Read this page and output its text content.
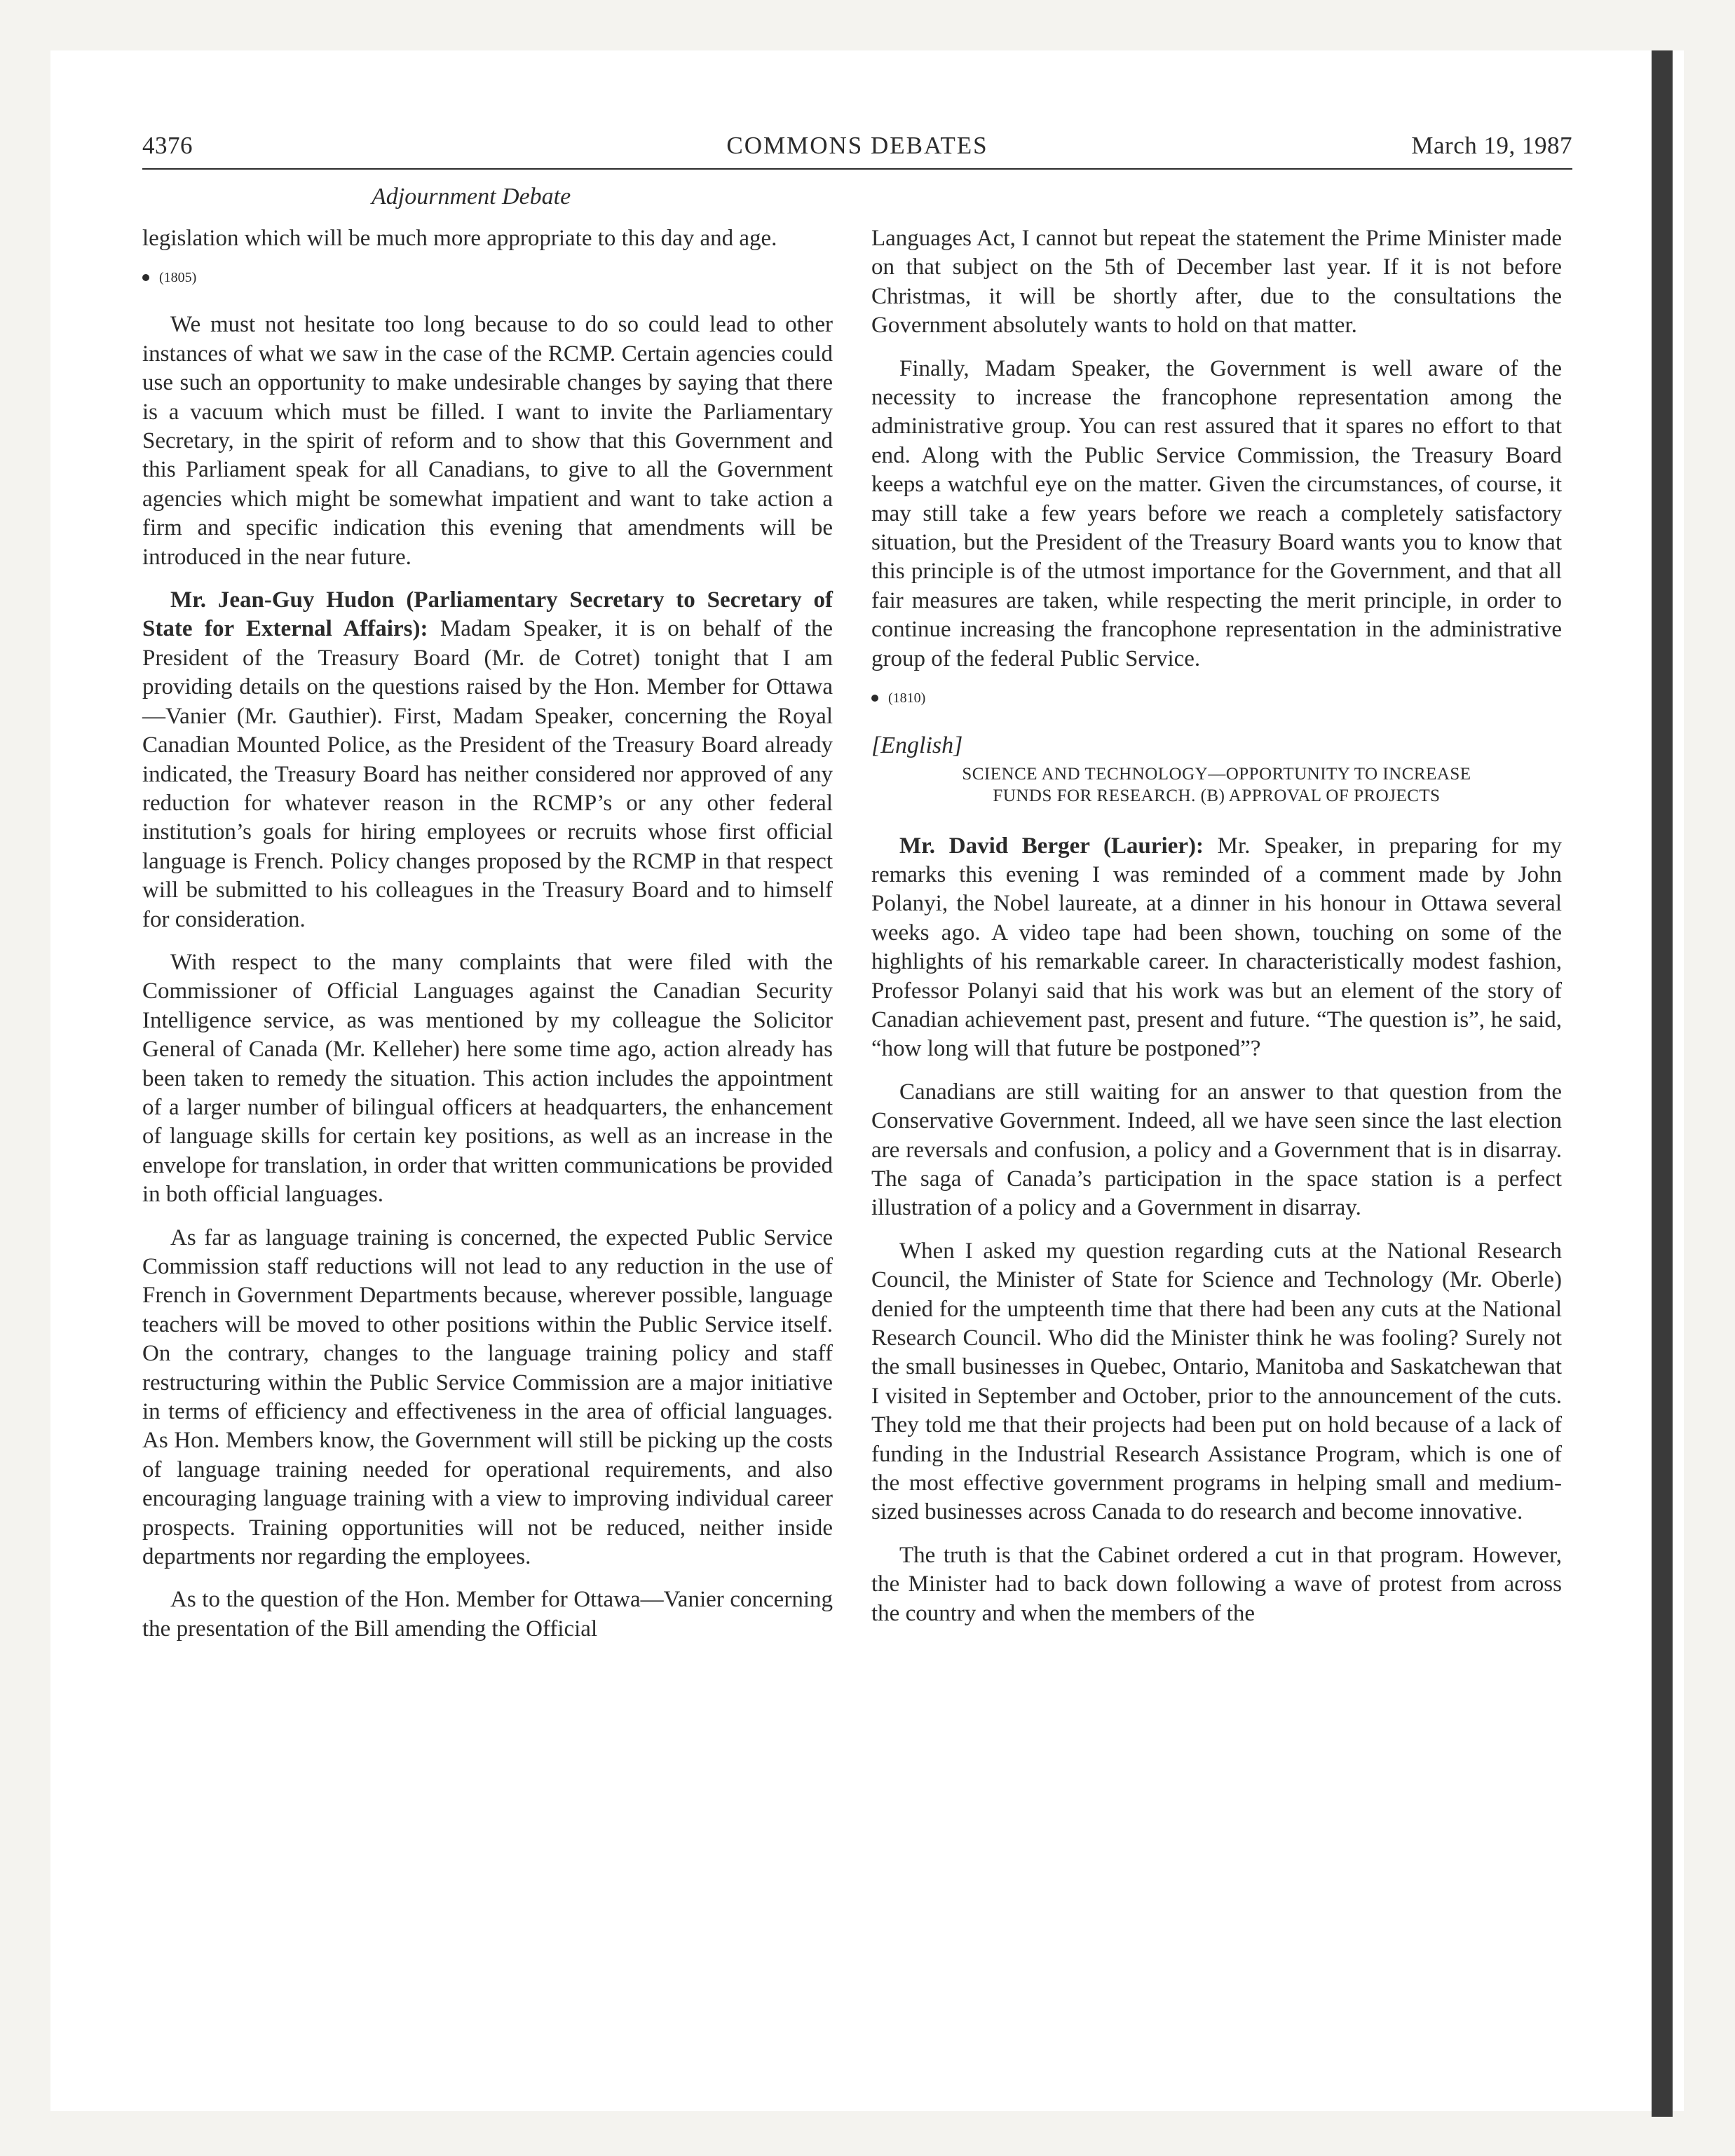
4376	COMMONS DEBATES	March 19, 1987
Adjournment Debate

legislation which will be much more appropriate to this day and age.

(1805)

We must not hesitate too long because to do so could lead to other instances of what we saw in the case of the RCMP. Certain agencies could use such an opportunity to make undesirable changes by saying that there is a vacuum which must be filled. I want to invite the Parliamentary Secretary, in the spirit of reform and to show that this Government and this Parliament speak for all Canadians, to give to all the Government agencies which might be somewhat impatient and want to take action a firm and specific indication this evening that amendments will be introduced in the near future.

Mr. Jean-Guy Hudon (Parliamentary Secretary to Secretary of State for External Affairs): Madam Speaker, it is on behalf of the President of the Treasury Board (Mr. de Cotret) tonight that I am providing details on the questions raised by the Hon. Member for Ottawa—Vanier (Mr. Gauthier). First, Madam Speaker, concerning the Royal Canadian Mounted Police, as the President of the Treasury Board already indicated, the Treasury Board has neither considered nor approved of any reduction for whatever reason in the RCMP’s or any other federal institution’s goals for hiring employees or recruits whose first official language is French. Policy changes proposed by the RCMP in that respect will be submitted to his colleagues in the Treasury Board and to himself for consideration.

With respect to the many complaints that were filed with the Commissioner of Official Languages against the Canadian Security Intelligence service, as was mentioned by my colleague the Solicitor General of Canada (Mr. Kelleher) here some time ago, action already has been taken to remedy the situation. This action includes the appointment of a larger number of bilingual officers at headquarters, the enhancement of language skills for certain key positions, as well as an increase in the envelope for translation, in order that written communications be provided in both official languages.

As far as language training is concerned, the expected Public Service Commission staff reductions will not lead to any reduction in the use of French in Government Departments because, wherever possible, language teachers will be moved to other positions within the Public Service itself. On the contrary, changes to the language training policy and staff restructuring within the Public Service Commission are a major initiative in terms of efficiency and effectiveness in the area of official languages. As Hon. Members know, the Government will still be picking up the costs of language training needed for operational requirements, and also encouraging language training with a view to improving individual career prospects. Training opportunities will not be reduced, neither inside departments nor regarding the employees.

As to the question of the Hon. Member for Ottawa—Vanier concerning the presentation of the Bill amending the Official

Languages Act, I cannot but repeat the statement the Prime Minister made on that subject on the 5th of December last year. If it is not before Christmas, it will be shortly after, due to the consultations the Government absolutely wants to hold on that matter.

Finally, Madam Speaker, the Government is well aware of the necessity to increase the francophone representation among the administrative group. You can rest assured that it spares no effort to that end. Along with the Public Service Commission, the Treasury Board keeps a watchful eye on the matter. Given the circumstances, of course, it may still take a few years before we reach a completely satisfactory situation, but the President of the Treasury Board wants you to know that this principle is of the utmost importance for the Government, and that all fair measures are taken, while respecting the merit principle, in order to continue increasing the francophone representation in the administrative group of the federal Public Service.

(1810)
[English]
SCIENCE AND TECHNOLOGY—OPPORTUNITY TO INCREASE
FUNDS FOR RESEARCH. (B) APPROVAL OF PROJECTS

Mr. David Berger (Laurier): Mr. Speaker, in preparing for my remarks this evening I was reminded of a comment made by John Polanyi, the Nobel laureate, at a dinner in his honour in Ottawa several weeks ago. A video tape had been shown, touching on some of the highlights of his remarkable career. In characteristically modest fashion, Professor Polanyi said that his work was but an element of the story of Canadian achievement past, present and future. “The question is”, he said, “how long will that future be postponed”?

Canadians are still waiting for an answer to that question from the Conservative Government. Indeed, all we have seen since the last election are reversals and confusion, a policy and a Government that is in disarray. The saga of Canada’s participation in the space station is a perfect illustration of a policy and a Government in disarray.

When I asked my question regarding cuts at the National Research Council, the Minister of State for Science and Technology (Mr. Oberle) denied for the umpteenth time that there had been any cuts at the National Research Council. Who did the Minister think he was fooling? Surely not the small businesses in Quebec, Ontario, Manitoba and Saskatchewan that I visited in September and October, prior to the announcement of the cuts. They told me that their projects had been put on hold because of a lack of funding in the Industrial Research Assistance Program, which is one of the most effective government programs in helping small and medium-sized businesses across Canada to do research and become innovative.

The truth is that the Cabinet ordered a cut in that program. However, the Minister had to back down following a wave of protest from across the country and when the members of the
